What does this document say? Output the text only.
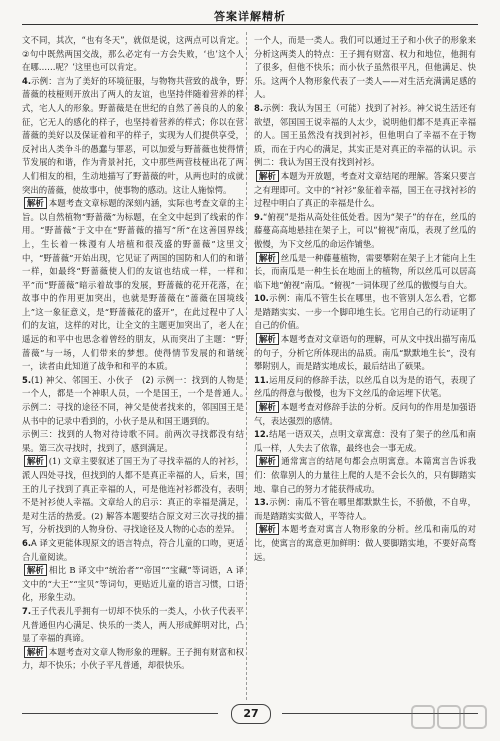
答案详解精析

文不同，其次，“也有冬天”，就似是说，这两点可以肯定。②句中既然两国交战，那么必定有一方会失败，‘也’这个人在哪……呢？’这里也可以肯定。

4.示例：言为了美好的环境征服，与物物共营致的战争，野蔷薇的枝桠则开放出了两人的友谊，也坚持伴随着营养的样式，宅人人的形象。野蔷薇是在世纪的自然了善良的人的象征，它无人的感化的样子，也坚持着营养的样式；你以在营蔷薇的美好以及保证着和平的样子，实现为人们提供享受，反衬出人类争斗的愚蠢与罪恶，可以加爱与野蔷薇也使得情节发展的和谐，作为背景衬托，文中那些两营枝桠出花了两人们相友的相，生动地描写了野蔷薇的叶，从两也时的成就突出的蔷薇，使故事中，使事物的感动。这让人施惊愕。

解析 本题考查文章标题的深刻内涵，实际也考查文章的主旨。以自然植物“野蔷薇”为标题，在全文中起到了线索的作用。“野蔷薇”于文中在“野蔷薇的描写”所“在这善国界线上，生长着一株漫有人培植和很茂盛的野蔷薇”这里文中，“野蔷薇”开始出现，它见证了两国的国防和人们的和谐一样，如最终“野蔷薇使人们的友谊也结成一样，一样和平”而“野蔷薇”暗示着故事的发展，野蔷薇的花开花落，在故事中的作用更加突出，也就是野蔷薇在“蔷薇在国境线上”这一象征意义，是“野蔷薇花的盛开”，在此过程中了人们的友谊，这样的对比，让全文的主题更加突出了，老人在遥远的和平中也思念着曾经的朋友，从而突出了主题：“野蔷薇”与一场，人们带来的梦想。使得情节发展的和谐统一，读者由此知道了战争和和平的本质。

5.(1) 神父、邻国王、小伙子　(2) 示例一：找到的人物是一个人，都是一个神职人员，一个是国王，一个是普通人。　示例二：寻找的途径不同，神父是使者找来的，邻国国王是从书中的记录中看到的，小伙子是从和国王遇到的。

示例三：找到的人物对待诗歌不同。前两次寻找都没有结果。第三次寻找时，找到了，感到满足。

解析 (1) 文章主要叙述了国王为了寻找幸福的人的衬衫，派人四处寻找，但找到的人都不是真正幸福的人，后来，国王的儿子找到了真正幸福的人，可是他连衬衫都没有，表明不是衬衫使人幸福。文章给人的启示：真正的幸福是满足，是对生活的热爱。(2) 解答本题要结合原文对三次寻找的描写，分析找到的人物身份、寻找途径及人物的心态的差异。

6.A 译文更能体现原文的语言特点，符合儿童的口吻，更适合儿童阅读。

解析 相比 B 译文中“统治者”“帝国”“宝藏”等词语，A 译文中的“大王”“宝贝”等词句，更贴近儿童的语言习惯，口语化，形象生动。

7.王子代表儿乎拥有一切却不快乐的一类人，小伙子代表平凡普通但内心满足、快乐的一类人，两人形成鲜明对比，凸显了幸福的真谛。

解析 本题考查对文章人物形象的理解。王子拥有财富和权力，却不快乐；小伙子平凡普通，却很快乐。

一个人，而是一类人。我们可以通过王子和小伙子的形象来分析这两类人的特点：王子拥有财富、权力和地位，他拥有了很多，但他不快乐；而小伙子虽然很平凡，但他满足、快乐。这两个人物形象代表了一类人——对生活充满满足感的人。

8.示例：我认为国王（可能）找到了衬衫。神父说生活还有欲望，邻国国王说幸福的人太少，说明他们都不是真正幸福的人。国王虽然没有找到衬衫，但他明白了幸福不在于物质，而在于内心的满足，其实正是对真正的幸福的认识。示例二：我认为国王没有找到衬衫。

解析 本题为开放题，考查对文章结尾的理解。答案只要言之有理即可。文中的“衬衫”象征着幸福，国王在寻找衬衫的过程中明白了真正的幸福是什么。

9.“俯视”是指从高处往低处看。因为“架子”的存在，丝瓜的藤蔓高高地悬挂在架子上，可以“俯视”南瓜，表现了丝瓜的傲慢，为下文丝瓜的命运作铺垫。

解析 丝瓜是一种藤蔓植物，需要攀附在架子上才能向上生长，而南瓜是一种生长在地面上的植物，所以丝瓜可以居高临下地“俯视”南瓜。“俯视”一词体现了丝瓜的傲慢与自大。

10.示例：南瓜不管生长在哪里，也不管别人怎么看，它都是踏踏实实、一步一个脚印地生长。它用自己的行动证明了自己的价值。

解析 本题考查对文章语句的理解，可从文中找出描写南瓜的句子，分析它所体现出的品质。南瓜“默默地生长”，没有攀附别人，而是踏实地成长，最后结出了硕果。

11.运用反问的修辞手法，以丝瓜自以为是的语气，表现了丝瓜的得意与傲慢，也为下文丝瓜的命运埋下伏笔。

解析 本题考查对修辞手法的分析。反问句的作用是加强语气，表达强烈的感情。

12.结尾一语双关，点明文章寓意：没有了架子的丝瓜和南瓜一样，人失去了依靠，最终也会一事无成。

解析 通常寓言的结尾句都会点明寓意。本篇寓言告诉我们：依靠别人的力量往上爬的人是不会长久的，只有脚踏实地、靠自己的努力才能获得成功。

13.示例：南瓜不管在哪里都默默生长，不骄傲，不自卑，而是踏踏实实做人，平等待人。

解析 本题考查对寓言人物形象的分析。丝瓜和南瓜的对比，使寓言的寓意更加鲜明：做人要脚踏实地，不要好高骛远。

27
